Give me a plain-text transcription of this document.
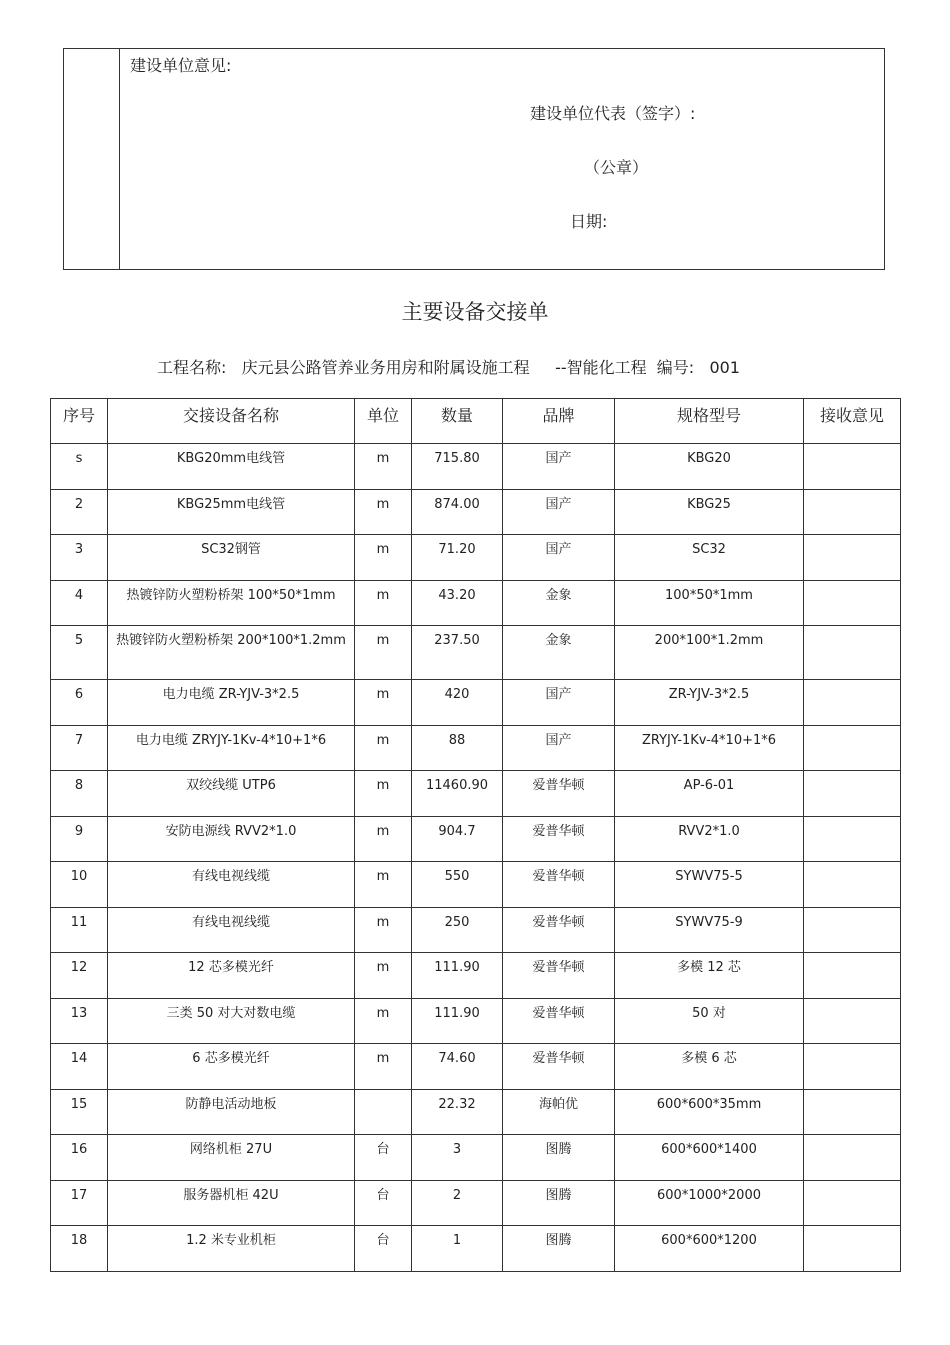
建设单位意见:
建设单位代表（签字）:
（公章）
日期:
主要设备交接单
工程名称:   庆元县公路管养业务用房和附属设施工程     --智能化工程  编号:   001
序号	交接设备名称	单位	数量	品牌	规格型号	接收意见
s	KBG20mm电线管	m	715.80	国产	KBG20	
2	KBG25mm电线管	m	874.00	国产	KBG25	
3	SC32钢管	m	71.20	国产	SC32	
4	热镀锌防火塑粉桥架 100*50*1mm	m	43.20	金象	100*50*1mm	
5	热镀锌防火塑粉桥架 200*100*1.2mm	m	237.50	金象	200*100*1.2mm	
6	电力电缆 ZR-YJV-3*2.5	m	420	国产	ZR-YJV-3*2.5	
7	电力电缆 ZRYJY-1Kv-4*10+1*6	m	88	国产	ZRYJY-1Kv-4*10+1*6	
8	双绞线缆 UTP6	m	11460.90	爱普华顿	AP-6-01	
9	安防电源线 RVV2*1.0	m	904.7	爱普华顿	RVV2*1.0	
10	有线电视线缆	m	550	爱普华顿	SYWV75-5	
11	有线电视线缆	m	250	爱普华顿	SYWV75-9	
12	12 芯多模光纤	m	111.90	爱普华顿	多模 12 芯	
13	三类 50 对大对数电缆	m	111.90	爱普华顿	50 对	
14	6 芯多模光纤	m	74.60	爱普华顿	多模 6 芯	
15	防静电活动地板		22.32	海帕优	600*600*35mm	
16	网络机柜 27U	台	3	图腾	600*600*1400	
17	服务器机柜 42U	台	2	图腾	600*1000*2000	
18	1.2 米专业机柜	台	1	图腾	600*600*1200	
